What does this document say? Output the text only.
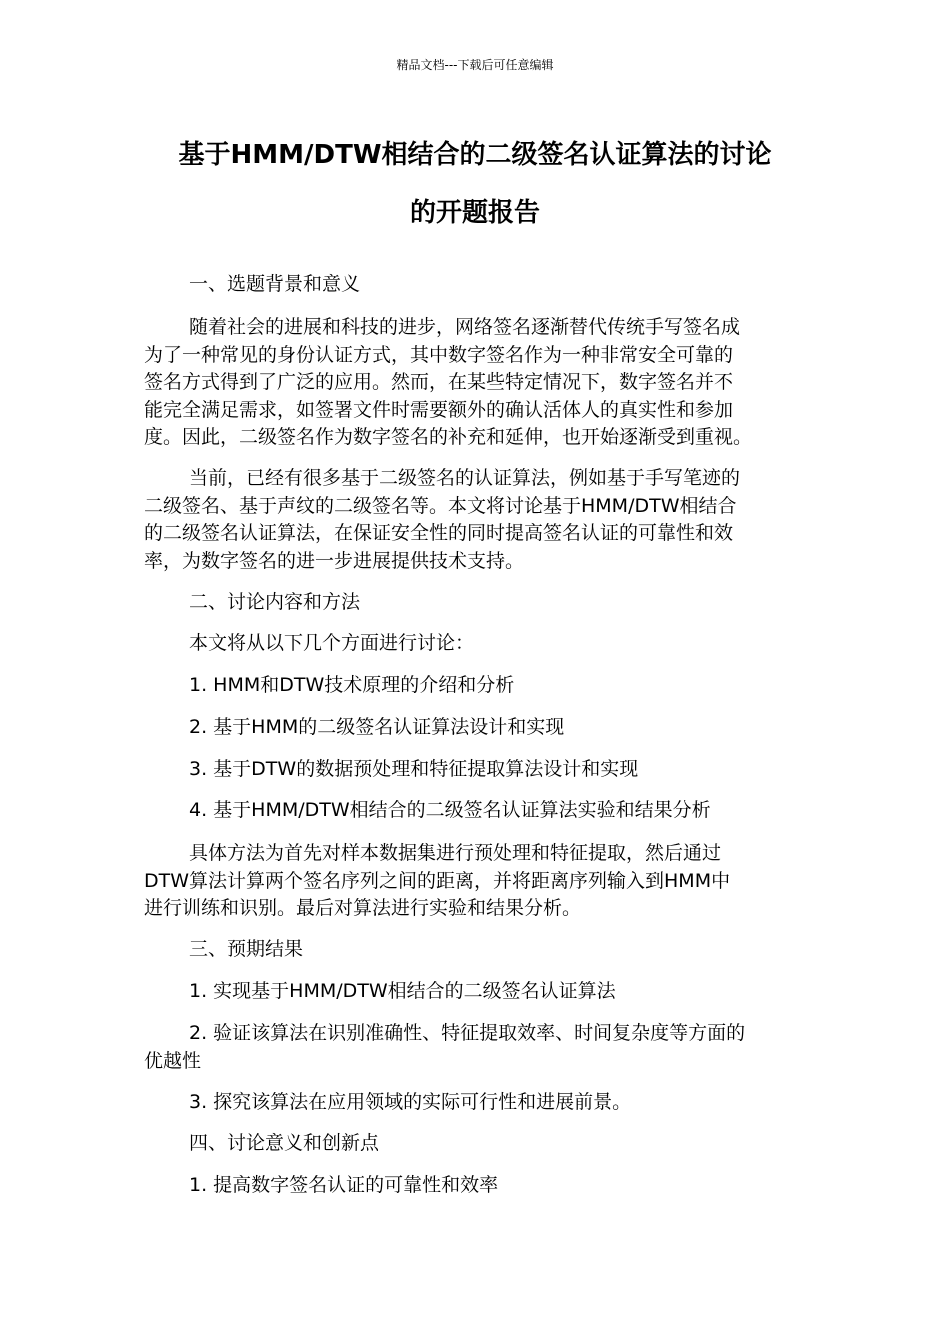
精品文档---下载后可任意编辑
基于HMM/DTW相结合的二级签名认证算法的讨论
的开题报告
一、选题背景和意义
随着社会的进展和科技的进步，网络签名逐渐替代传统手写签名成
为了一种常见的身份认证方式，其中数字签名作为一种非常安全可靠的
签名方式得到了广泛的应用。然而，在某些特定情况下，数字签名并不
能完全满足需求，如签署文件时需要额外的确认活体人的真实性和参加
度。因此，二级签名作为数字签名的补充和延伸，也开始逐渐受到重视。
当前，已经有很多基于二级签名的认证算法，例如基于手写笔迹的
二级签名、基于声纹的二级签名等。本文将讨论基于HMM/DTW相结合
的二级签名认证算法，在保证安全性的同时提高签名认证的可靠性和效
率，为数字签名的进一步进展提供技术支持。
二、讨论内容和方法
本文将从以下几个方面进行讨论：
1. HMM和DTW技术原理的介绍和分析
2. 基于HMM的二级签名认证算法设计和实现
3. 基于DTW的数据预处理和特征提取算法设计和实现
4. 基于HMM/DTW相结合的二级签名认证算法实验和结果分析
具体方法为首先对样本数据集进行预处理和特征提取，然后通过
DTW算法计算两个签名序列之间的距离，并将距离序列输入到HMM中
进行训练和识别。最后对算法进行实验和结果分析。
三、预期结果
1. 实现基于HMM/DTW相结合的二级签名认证算法
2. 验证该算法在识别准确性、特征提取效率、时间复杂度等方面的
优越性
3. 探究该算法在应用领域的实际可行性和进展前景。
四、讨论意义和创新点
1. 提高数字签名认证的可靠性和效率
